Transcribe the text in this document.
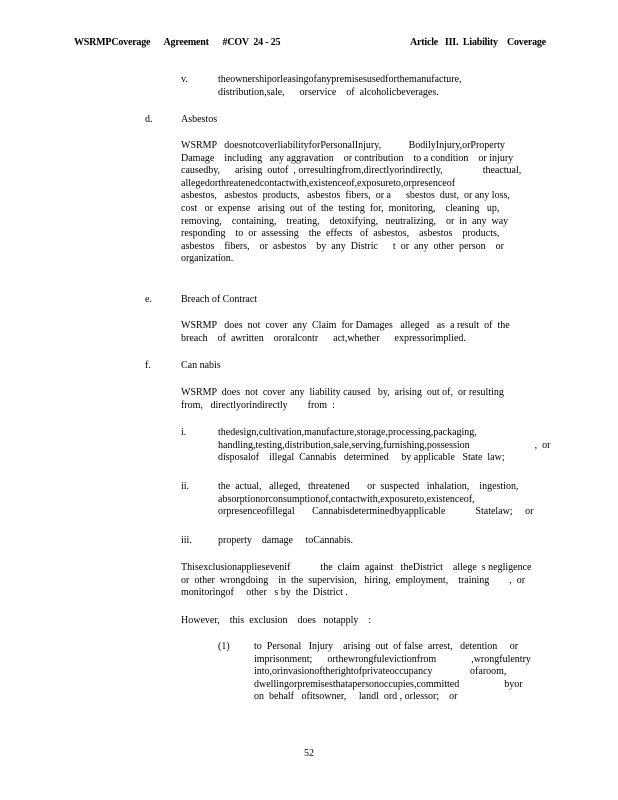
WSRMPCoverage      Agreement      #COV  24 - 25	Article   III.  Liability    Coverage
v.	theownershiporleasingofanypremisesusedforthemanufacture,
distribution,sale,      orservice    of  alcoholicbeverages.
d.	Asbestos
WSRMP   doesnotcoverliabilityforPersonalInjury,           BodilyInjury,orProperty
Damage    including   any aggravation    or contribution    to a condition    or injury
causedby,      arising  outof  , orresultingfrom,directlyorindirectly,                theactual,
allegedorthreatenedcontactwith,existenceof,exposureto,orpresenceof
asbestos,   asbestos  products,   asbestos  fibers,  or a      sbestos  dust,  or any loss,
cost   or  expense   arising  out  of  the  testing  for,  monitoring,    cleaning   up,
removing,    containing,    treating,    detoxifying,   neutralizing,    or  in  any  way
responding    to  or  assessing    the  effects   of  asbestos,    asbestos    products,
asbestos    fibers,    or  asbestos    by  any  Distric      t  or  any  other  person    or
organization.
e.	Breach of Contract
WSRMP   does  not  cover  any  Claim  for Damages   alleged   as  a result  of  the
breach    of  awritten    ororalcontr      act,whether      expressorimplied.
f.	Can nabis
WSRMP  does  not  cover  any  liability caused   by,  arising  out of,  or resulting
from,   directlyorindirectly        from  :
i.	thedesign,cultivation,manufacture,storage,processing,packaging,
handling,testing,distribution,sale,serving,furnishing,possession                          ,  or
disposalof    illegal  Cannabis   determined     by applicable   State  law;
ii.	the  actual,   alleged,   threatened       or  suspected   inhalation,    ingestion,
absorptionorconsumptionof,contactwith,exposureto,existenceof,
orpresenceofillegal       Cannabisdeterminedbyapplicable            Statelaw;     or
iii.	property    damage     toCannabis.
Thisexclusionappliesevenif            the  claim  against   theDistrict    allege  s negligence
or  other  wrongdoing    in  the  supervision,   hiring,  employment,    training        ,  or
monitoringof     other   s by  the  District .
However,    this  exclusion    does   notapply    :
(1) to  Personal   Injury    arising  out  of false  arrest,   detention     or
imprisonment;      orthewrongfulevictionfrom              ,wrongfulentry
into,orinvasionoftherightofprivateoccupancy               ofaroom,
dwellingorpremisesthatapersonoccupies,committed                  byor
on  behalf   ofitsowner,     landl  ord , orlessor;    or
52
